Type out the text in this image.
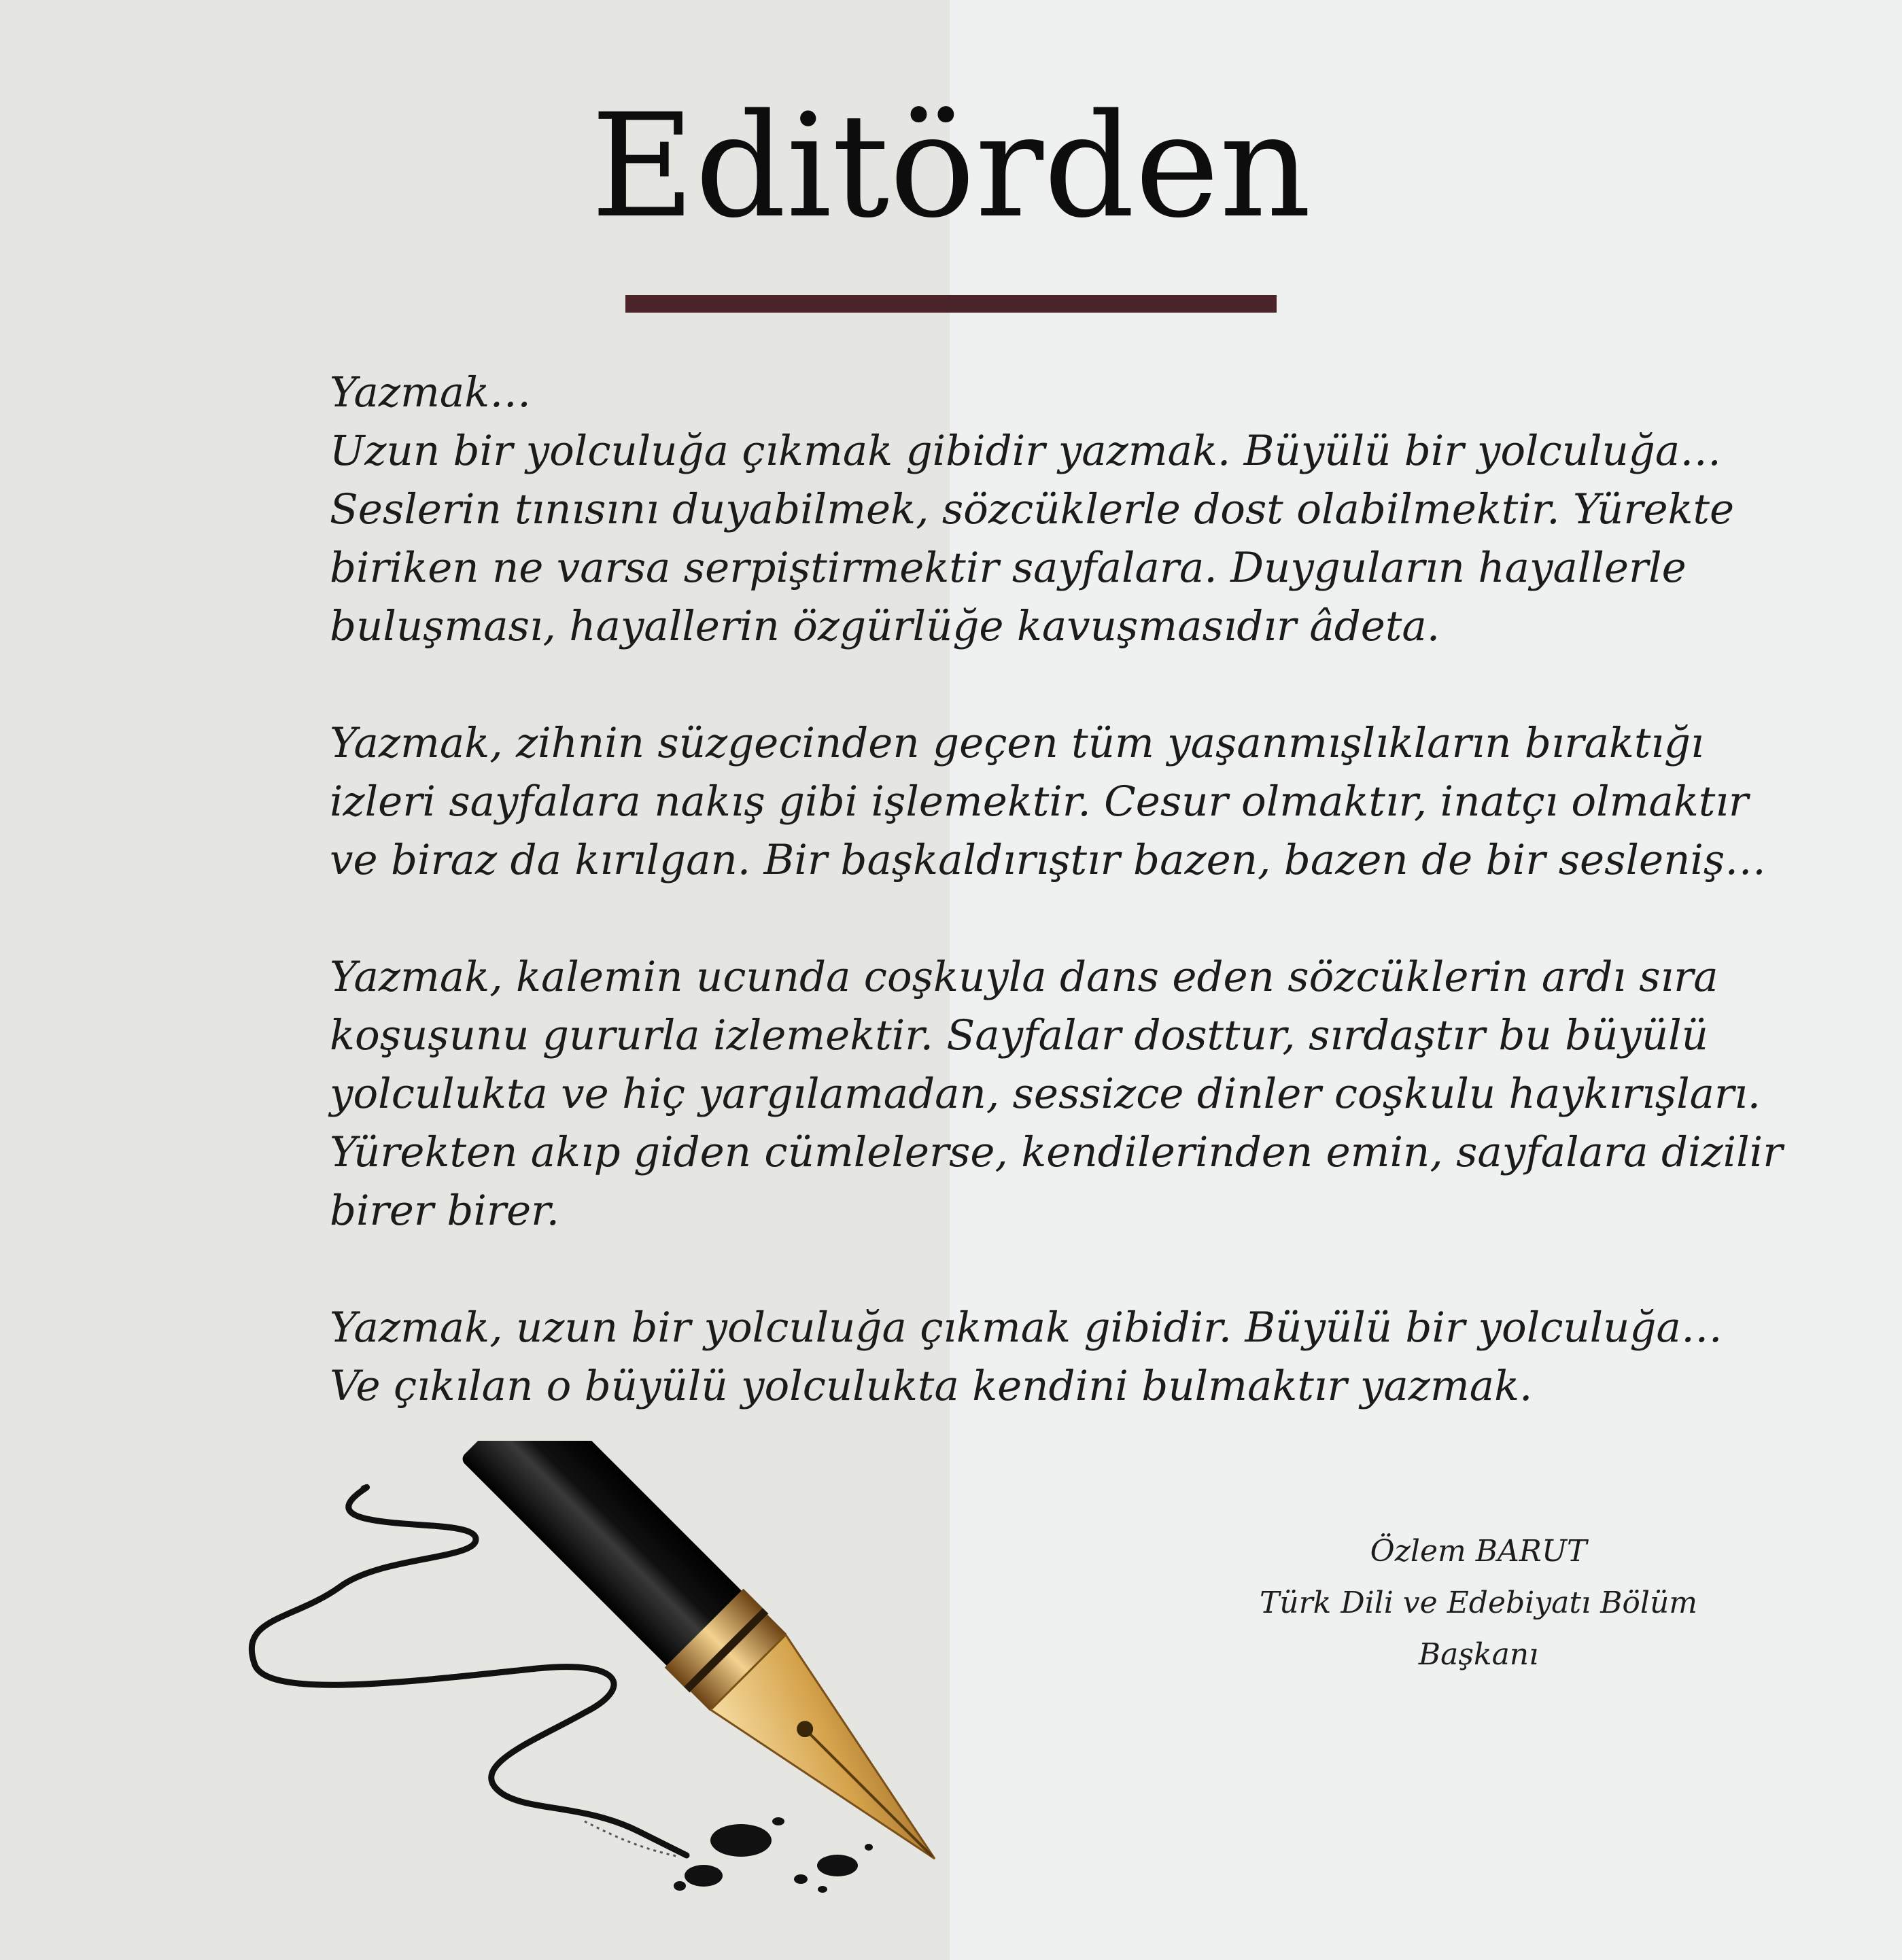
Editörden

Yazmak…
Uzun bir yolculuğa çıkmak gibidir yazmak. Büyülü bir yolculuğa…
Seslerin tınısını duyabilmek, sözcüklerle dost olabilmektir. Yürekte
biriken ne varsa serpiştirmektir sayfalara. Duyguların hayallerle
buluşması, hayallerin özgürlüğe kavuşmasıdır âdeta.

Yazmak, zihnin süzgecinden geçen tüm yaşanmışlıkların bıraktığı
izleri sayfalara nakış gibi işlemektir. Cesur olmaktır, inatçı olmaktır
ve biraz da kırılgan. Bir başkaldırıştır bazen, bazen de bir sesleniş…

Yazmak, kalemin ucunda coşkuyla dans eden sözcüklerin ardı sıra
koşuşunu gururla izlemektir. Sayfalar dosttur, sırdaştır bu büyülü
yolculukta ve hiç yargılamadan, sessizce dinler coşkulu haykırışları.
Yürekten akıp giden cümlelerse, kendilerinden emin, sayfalara dizilir
birer birer.

Yazmak, uzun bir yolculuğa çıkmak gibidir. Büyülü bir yolculuğa…
Ve çıkılan o büyülü yolculukta kendini bulmaktır yazmak.

Özlem BARUT
Türk Dili ve Edebiyatı Bölüm Başkanı
